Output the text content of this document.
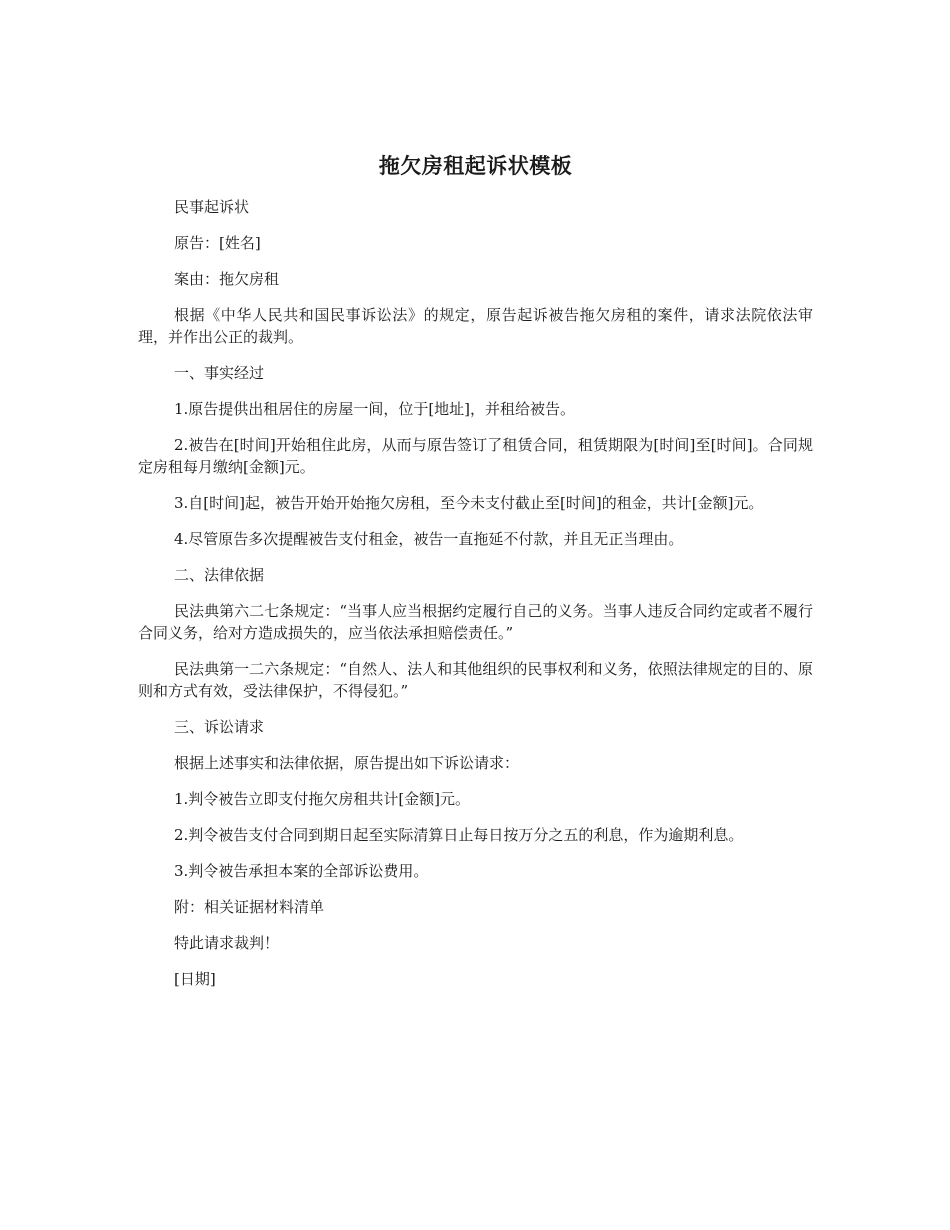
拖欠房租起诉状模板

民事起诉状

原告：[姓名]

案由：拖欠房租

根据《中华人民共和国民事诉讼法》的规定，原告起诉被告拖欠房租的案件，请求法院依法审理，并作出公正的裁判。

一、事实经过

1.原告提供出租居住的房屋一间，位于[地址]，并租给被告。

2.被告在[时间]开始租住此房，从而与原告签订了租赁合同，租赁期限为[时间]至[时间]。合同规定房租每月缴纳[金额]元。

3.自[时间]起，被告开始开始拖欠房租，至今未支付截止至[时间]的租金，共计[金额]元。

4.尽管原告多次提醒被告支付租金，被告一直拖延不付款，并且无正当理由。

二、法律依据

民法典第六二七条规定：“当事人应当根据约定履行自己的义务。当事人违反合同约定或者不履行合同义务，给对方造成损失的，应当依法承担赔偿责任。”

民法典第一二六条规定：“自然人、法人和其他组织的民事权利和义务，依照法律规定的目的、原则和方式有效，受法律保护，不得侵犯。”

三、诉讼请求

根据上述事实和法律依据，原告提出如下诉讼请求：

1.判令被告立即支付拖欠房租共计[金额]元。

2.判令被告支付合同到期日起至实际清算日止每日按万分之五的利息，作为逾期利息。

3.判令被告承担本案的全部诉讼费用。

附：相关证据材料清单

特此请求裁判！

[日期]
